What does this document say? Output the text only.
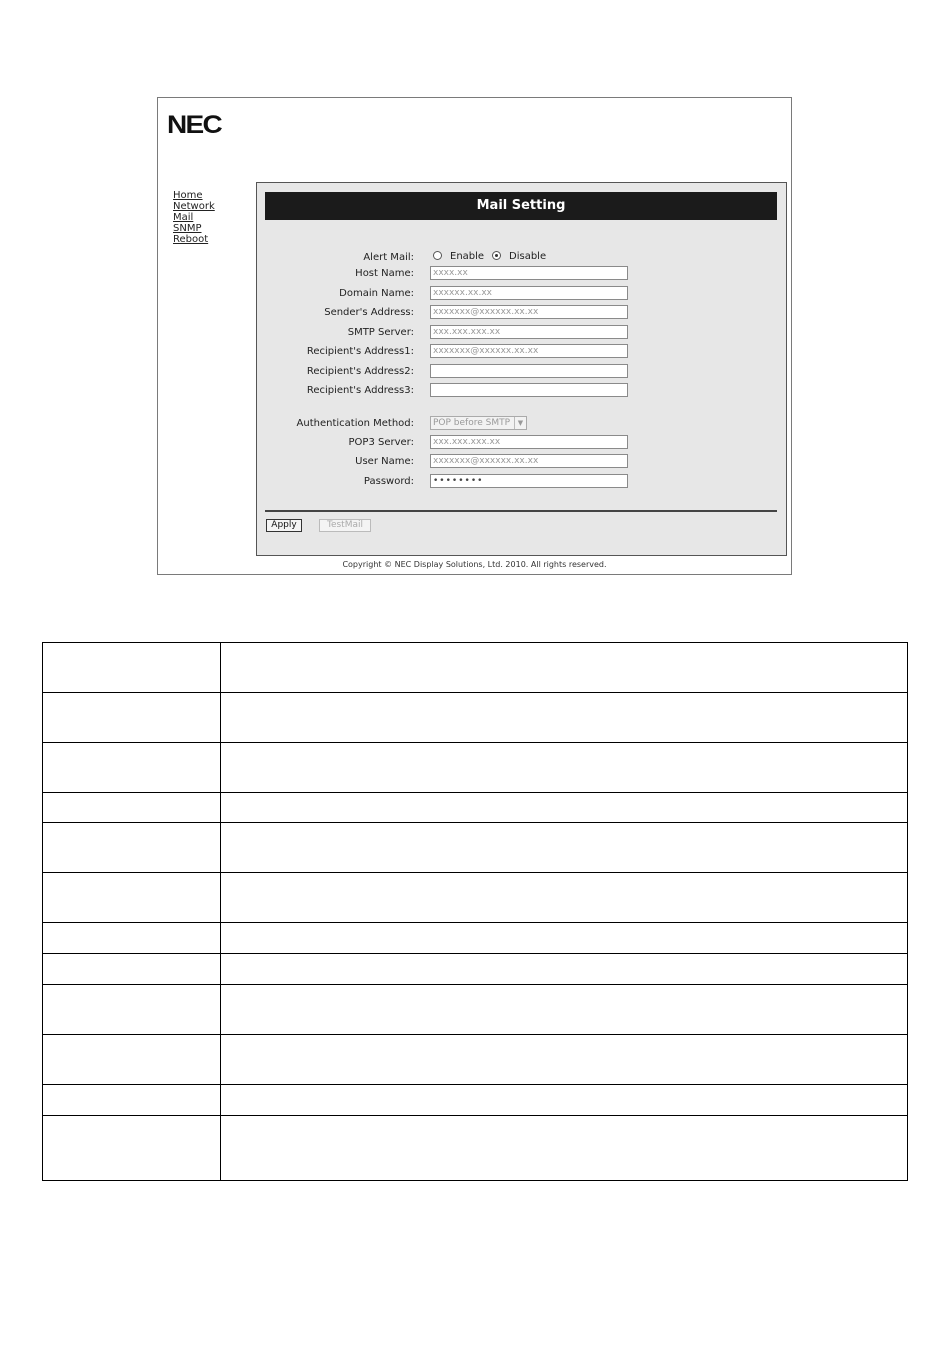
NEC
Home
Network
Mail
SNMP
Reboot
Mail Setting
Alert Mail:	Enable Disable
Host Name:	xxxx.xx
Domain Name:	xxxxxx.xx.xx
Sender's Address:	xxxxxxx@xxxxxx.xx.xx
SMTP Server:	xxx.xxx.xxx.xx
Recipient's Address1:	xxxxxxx@xxxxxx.xx.xx
Recipient's Address2:
Recipient's Address3:
Authentication Method:	POP before SMTP	▼
POP3 Server:	xxx.xxx.xxx.xx
User Name:	xxxxxxx@xxxxxx.xx.xx
Password:	••••••••
Apply	TestMail
Copyright © NEC Display Solutions, Ltd. 2010. All rights reserved.
